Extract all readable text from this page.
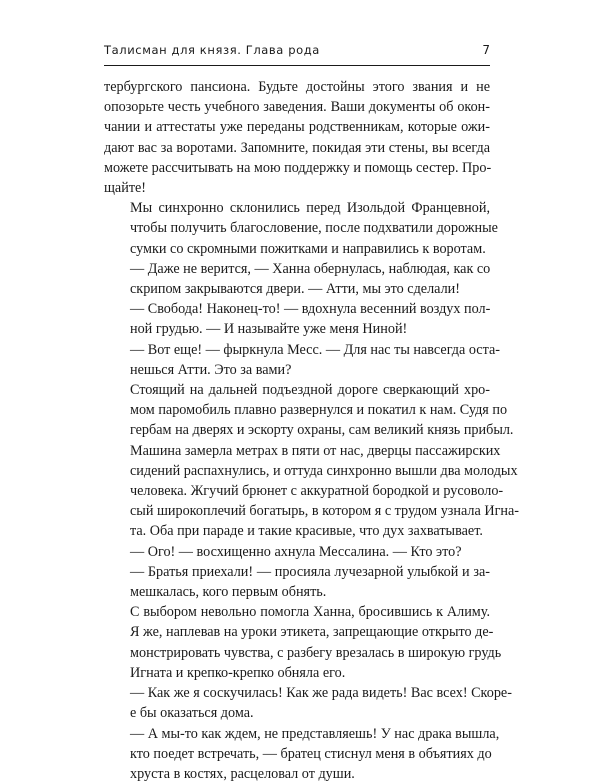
Талисман для князя. Глава рода	7

тербургского пансиона. Будьте достойны этого звания и не
опозорьте честь учебного заведения. Ваши документы об окон-
чании и аттестаты уже переданы родственникам, которые ожи-
дают вас за воротами. Запомните, покидая эти стены, вы всегда
можете рассчитывать на мою поддержку и помощь сестер. Про-
щайте!

Мы синхронно склонились перед Изольдой Францевной,
чтобы получить благословение, после подхватили дорожные
сумки со скромными пожитками и направились к воротам.

— Даже не верится, — Ханна обернулась, наблюдая, как со
скрипом закрываются двери. — Атти, мы это сделали!

— Свобода! Наконец-то! — вдохнула весенний воздух пол-
ной грудью. — И называйте уже меня Ниной!

— Вот еще! — фыркнула Месс. — Для нас ты навсегда оста-
нешься Атти. Это за вами?

Стоящий на дальней подъездной дороге сверкающий хро-
мом паромобиль плавно развернулся и покатил к нам. Судя по
гербам на дверях и эскорту охраны, сам великий князь прибыл.
Машина замерла метрах в пяти от нас, дверцы пассажирских
сидений распахнулись, и оттуда синхронно вышли два молодых
человека. Жгучий брюнет с аккуратной бородкой и русоволо-
сый широкоплечий богатырь, в котором я с трудом узнала Игна-
та. Оба при параде и такие красивые, что дух захватывает.

— Ого! — восхищенно ахнула Мессалина. — Кто это?

— Братья приехали! — просияла лучезарной улыбкой и за-
мешкалась, кого первым обнять.

С выбором невольно помогла Ханна, бросившись к Алиму.
Я же, наплевав на уроки этикета, запрещающие открыто де-
монстрировать чувства, с разбегу врезалась в широкую грудь
Игната и крепко-крепко обняла его.

— Как же я соскучилась! Как же рада видеть! Вас всех! Скоре-
е бы оказаться дома.

— А мы-то как ждем, не представляешь! У нас драка вышла,
кто поедет встречать, — братец стиснул меня в объятиях до
хруста в костях, расцеловал от души.
